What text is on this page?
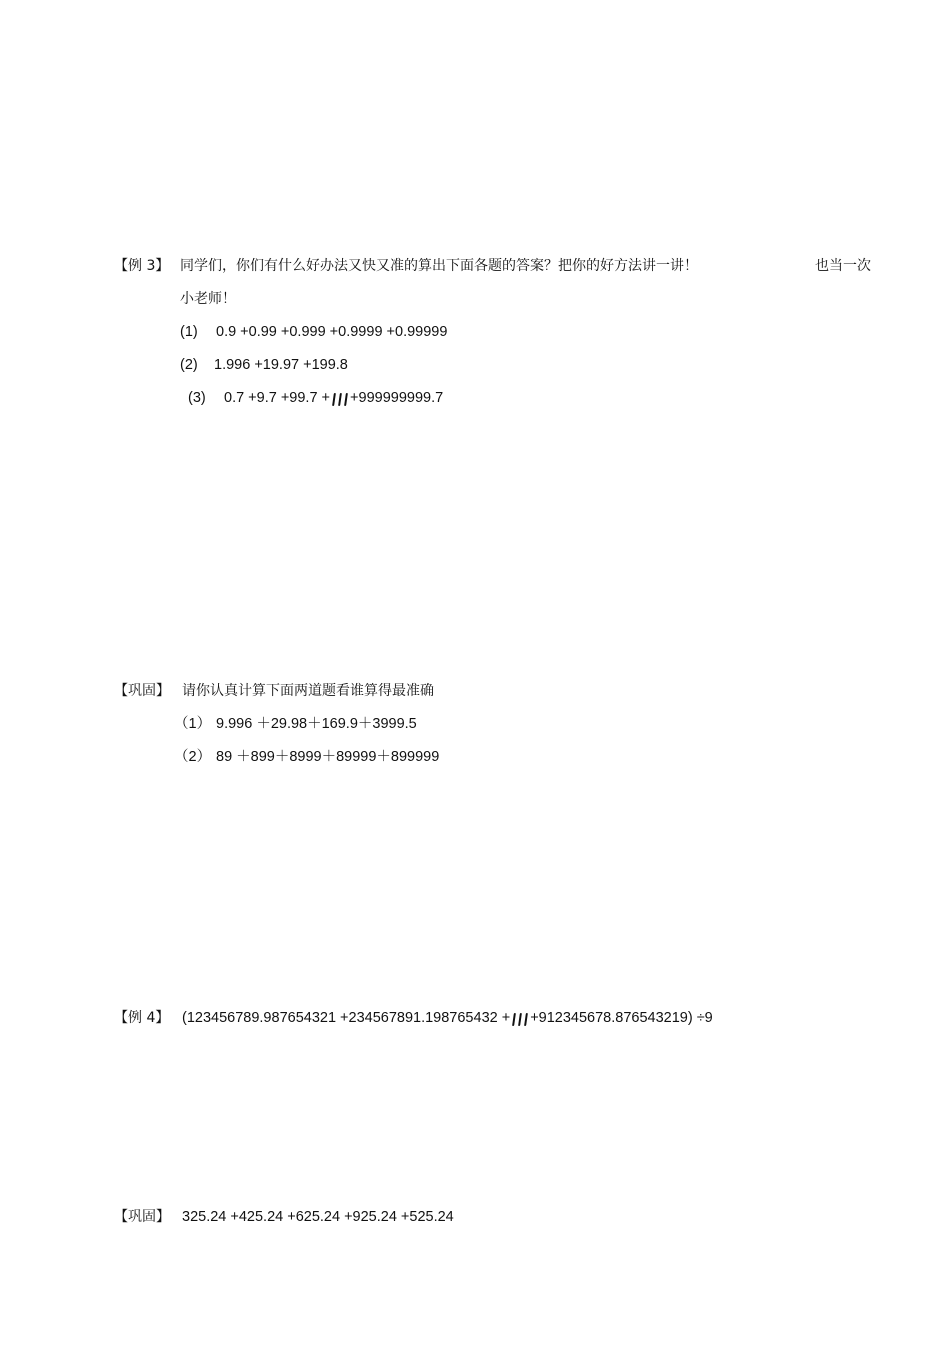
【例 3】 同学们，你们有什么好办法又快又准的算出下面各题的答案？把你的好方法讲一讲！	也当一次
小老师！
(1) 0.9 +0.99 +0.999 +0.9999 +0.99999
(2) 1.996 +19.97 +199.8
(3) 0.7 +9.7 +99.7 + +999999999.7
【巩固】 请你认真计算下面两道题看谁算得最准确
（1） 9.996 ＋29.98＋169.9＋3999.5
（2） 89 ＋899＋8999＋89999＋899999
【例 4】 (123456789.987654321 +234567891.198765432 + +912345678.876543219) ÷9
【巩固】 325.24 +425.24 +625.24 +925.24 +525.24
